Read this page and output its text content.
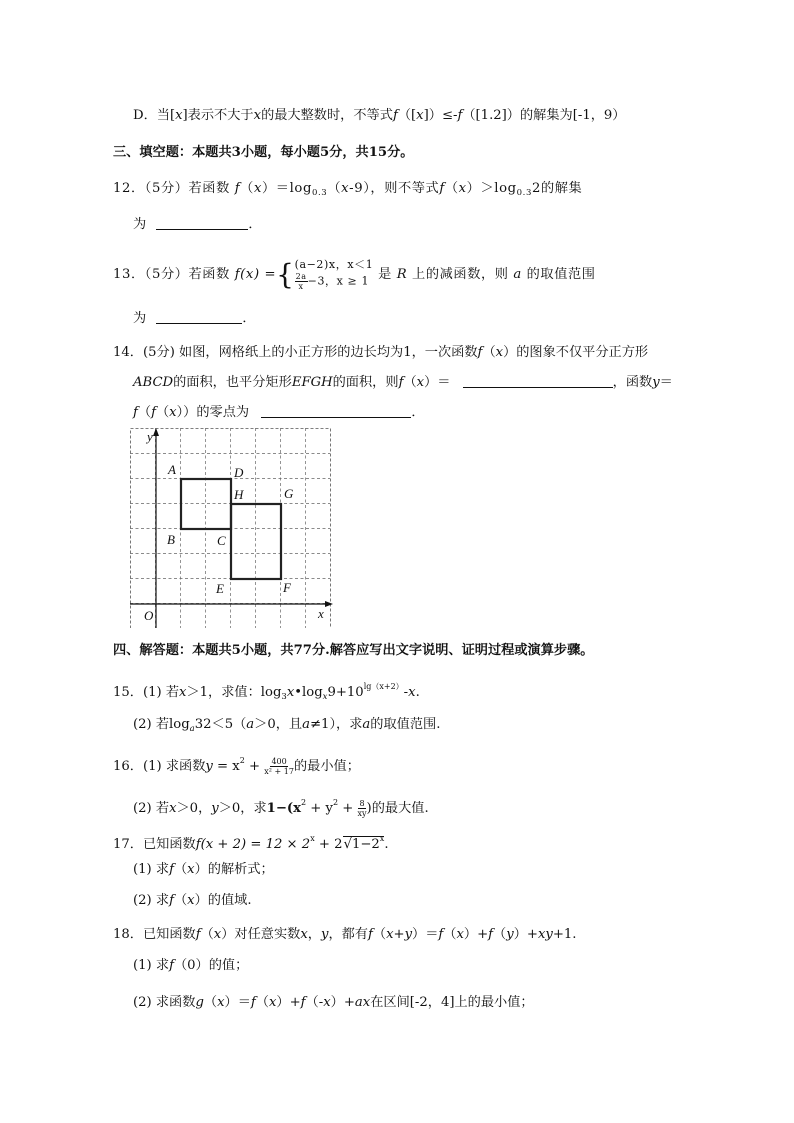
D．当[x]表示不大于x的最大整数时，不等式f（[x]）≤-f（[1.2]）的解集为[-1，9）
三、填空题：本题共3小题，每小题5分，共15分。
12．（5分）若函数 $f(x)=\log_{0.3}(x-9)$，则不等式$f(x)>\log_{0.3}2$的解集
为	．
13．（5分）若函数 f(x) ={ (a−2)x，x＜1
$\frac{2a}{x} -3$，x ≥ 1 是 R 上的减函数，则 a 的取值范围
为	．
14．(5分) 如图，网格纸上的小正方形的边长均为1，一次函数f（x）的图象不仅平分正方形
ABCD的面积，也平分矩形EFGH的面积，则f（x）＝	，函数y＝
f（f（x））的零点为	．
y
A	D
H	G
B	C
E	F
O	x
四、解答题：本题共5小题，共77分.解答应写出文字说明、证明过程或演算步骤。
15．(1) 若x＞1，求值：$\log_3x•\log_x9+10^{lg(x+2)}-x$.
(2) 若$\log_a32<5(a>0$，且a≠1），求a的取值范围.
16．(1) 求函数$y = x^2 + \frac{400}{\text{x² + 17}}$ 的最小值；
(2) 若x＞0，y＞0，求$1-(x^2 + y^2 + \frac{8}{xy}$ )的最大值.
17．已知函数$f(x + 2) = 12 \times 2^x + 2√1-2^x$.
(1) 求f（x）的解析式；
(2) 求f（x）的值域.
18．已知函数f（x）对任意实数x，y，都有f（x+y）＝f（x）+f（y）+xy+1.
(1) 求f（0）的值；
(2) 求函数g（x）＝f（x）+f（-x）+ax在区间[-2，4]上的最小值；
